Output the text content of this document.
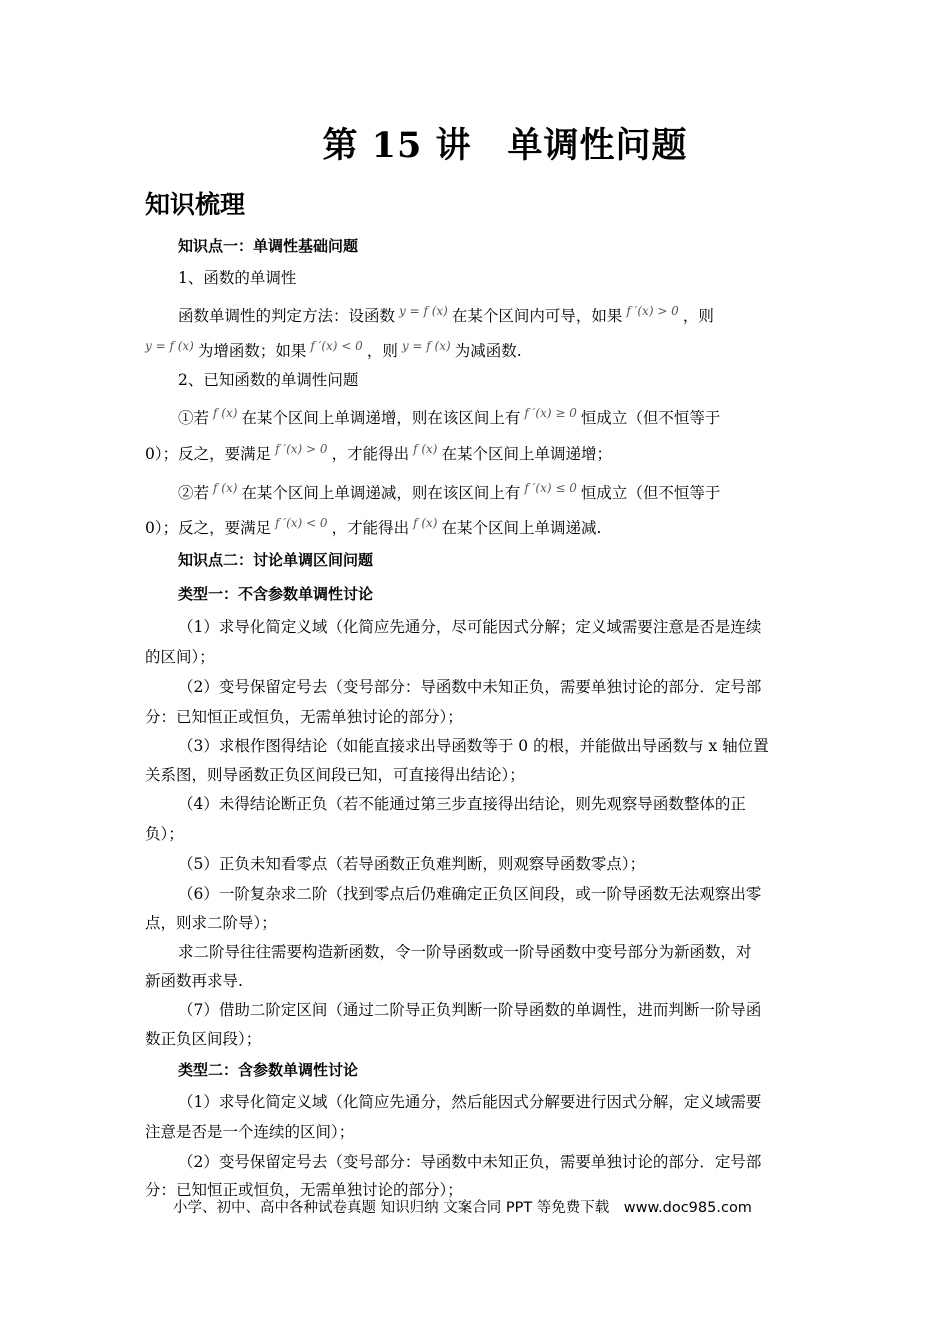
第 15 讲　单调性问题
知识梳理
知识点一：单调性基础问题
1、函数的单调性
函数单调性的判定方法：设函数 $^{y = f (x)}$ 在某个区间内可导，如果 $^{f '(x) > 0}$ ，则
$^{y = f (x)}$ 为增函数；如果 $^{f '(x) < 0}$ ，则 $^{y = f (x)}$ 为减函数.
2、已知函数的单调性问题
①若 $^{f (x)}$ 在某个区间上单调递增，则在该区间上有 $^{f '(x) \ge 0}$ 恒成立（但不恒等于
0）；反之，要满足 $^{f '(x) > 0}$ ，才能得出 $^{f (x)}$ 在某个区间上单调递增；
②若 $^{f (x)}$ 在某个区间上单调递减，则在该区间上有 $^{f '(x) \le 0}$ 恒成立（但不恒等于
0）；反之，要满足 $^{f '(x) < 0}$ ，才能得出 $^{f (x)}$ 在某个区间上单调递减.
知识点二：讨论单调区间问题
类型一：不含参数单调性讨论
（1）求导化简定义域（化简应先通分，尽可能因式分解；定义域需要注意是否是连续
的区间）；
（2）变号保留定号去（变号部分：导函数中未知正负，需要单独讨论的部分．定号部
分：已知恒正或恒负，无需单独讨论的部分）；
（3）求根作图得结论（如能直接求出导函数等于 0 的根，并能做出导函数与 x 轴位置
关系图，则导函数正负区间段已知，可直接得出结论）；
（4）未得结论断正负（若不能通过第三步直接得出结论，则先观察导函数整体的正
负）；
（5）正负未知看零点（若导函数正负难判断，则观察导函数零点）；
（6）一阶复杂求二阶（找到零点后仍难确定正负区间段，或一阶导函数无法观察出零
点，则求二阶导）；
求二阶导往往需要构造新函数，令一阶导函数或一阶导函数中变号部分为新函数，对
新函数再求导.
（7）借助二阶定区间（通过二阶导正负判断一阶导函数的单调性，进而判断一阶导函
数正负区间段）；
类型二：含参数单调性讨论
（1）求导化简定义域（化简应先通分，然后能因式分解要进行因式分解，定义域需要
注意是否是一个连续的区间）；
（2）变号保留定号去（变号部分：导函数中未知正负，需要单独讨论的部分．定号部
分：已知恒正或恒负，无需单独讨论的部分）；
小学、初中、高中各种试卷真题 知识归纳 文案合同 PPT 等免费下载　www.doc985.com
